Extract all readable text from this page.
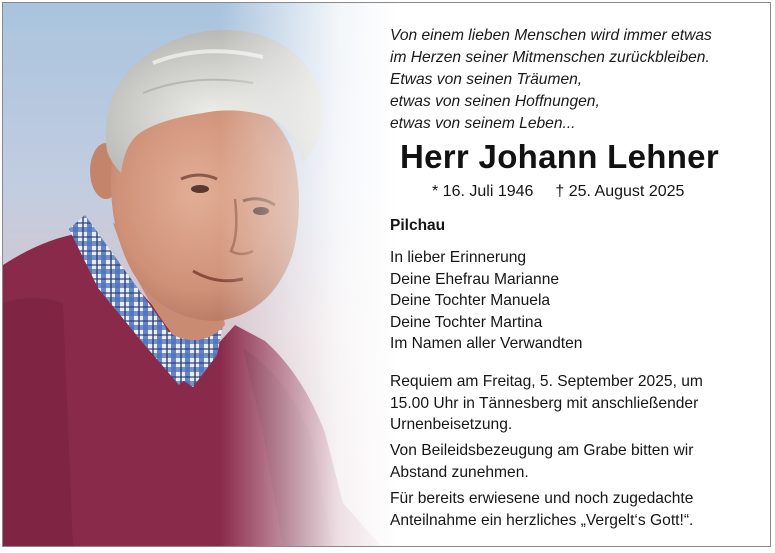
Von einem lieben Menschen wird immer etwas
im Herzen seiner Mitmenschen zurückbleiben.
Etwas von seinen Träumen,
etwas von seinen Hoffnungen,
etwas von seinem Leben...
Herr Johann Lehner
* 16. Juli 1946 † 25. August 2025
Pilchau
In lieber Erinnerung
Deine Ehefrau Marianne
Deine Tochter Manuela
Deine Tochter Martina
Im Namen aller Verwandten
Requiem am Freitag, 5. September 2025, um
15.00 Uhr in Tännesberg mit anschließender
Urnenbeisetzung.
Von Beileidsbezeugung am Grabe bitten wir
Abstand zunehmen.
Für bereits erwiesene und noch zugedachte
Anteilnahme ein herzliches „Vergelt‘s Gott!“.
